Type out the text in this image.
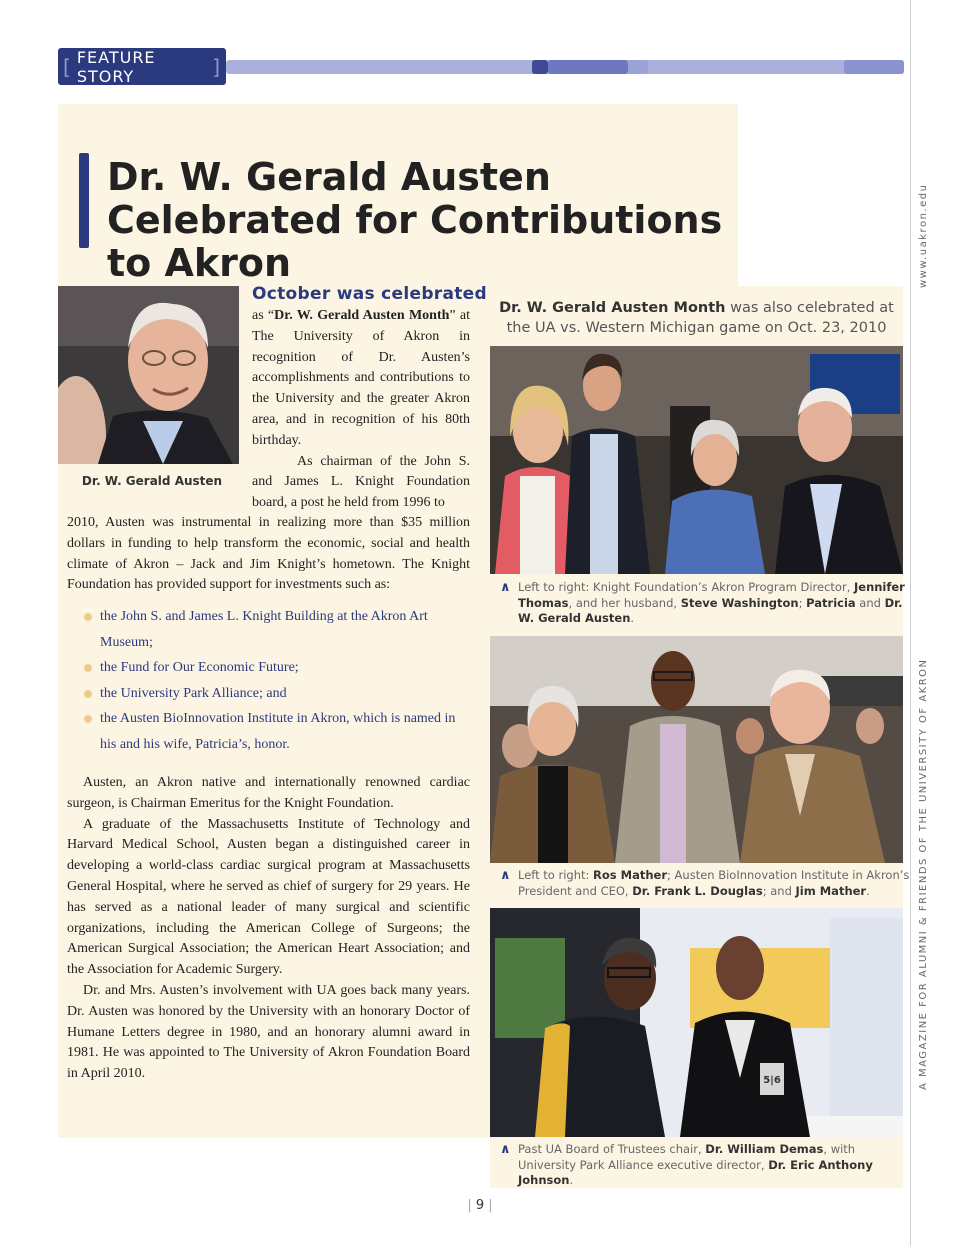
[ FEATURE STORY	]
www.uakron.edu
A MAGAZINE FOR ALUMNI & FRIENDS OF THE UNIVERSITY OF AKRON
Dr. W. Gerald Austen Celebrated for Contributions to Akron
Dr. W. Gerald Austen
October was celebrated

as “Dr. W. Gerald Austen Month” at The University of Akron in recognition of Dr. Austen’s accomplishments and contributions to the University and the greater Akron area, and in recognition of his 80th birthday.

As chairman of the John S. and James L. Knight Foundation board, a post he held from 1996 to

2010, Austen was instrumental in realizing more than $35 million dollars in funding to help transform the economic, social and health climate of Akron – Jack and Jim Knight’s hometown. The Knight Foundation has provided support for investments such as:

the John S. and James L. Knight Building at the Akron Art Museum;
the Fund for Our Economic Future;
the University Park Alliance; and
the Austen BioInnovation Institute in Akron, which is named in his and his wife, Patricia’s, honor.

Austen, an Akron native and internationally renowned cardiac surgeon, is Chairman Emeritus for the Knight Foundation.

A graduate of the Massachusetts Institute of Technology and Harvard Medical School, Austen began a distinguished career in developing a world-class cardiac surgical program at Massachusetts General Hospital, where he served as chief of surgery for 29 years. He has served as a national leader of many surgical and scientific organizations, including the American College of Surgeons; the American Surgical Association; the American Heart Association; and the Association for Academic Surgery.

Dr. and Mrs. Austen’s involvement with UA goes back many years. Dr. Austen was honored by the University with an honorary Doctor of Humane Letters degree in 1980, and an honorary alumni award in 1981. He was appointed to The University of Akron Foundation Board in April 2010.

Dr. W. Gerald Austen Month was also celebrated at the UA vs. Western Michigan game on Oct. 23, 2010
∧ Left to right: Knight Foundation’s Akron Program Director, Jennifer Thomas, and her husband, Steve Washington; Patricia and Dr. W. Gerald Austen.
∧ Left to right: Ros Mather; Austen BioInnovation Institute in Akron’s President and CEO, Dr. Frank L. Douglas; and Jim Mather.
5|6
∧ Past UA Board of Trustees chair, Dr. William Demas, with University Park Alliance executive director, Dr. Eric Anthony Johnson.
| 9 |
